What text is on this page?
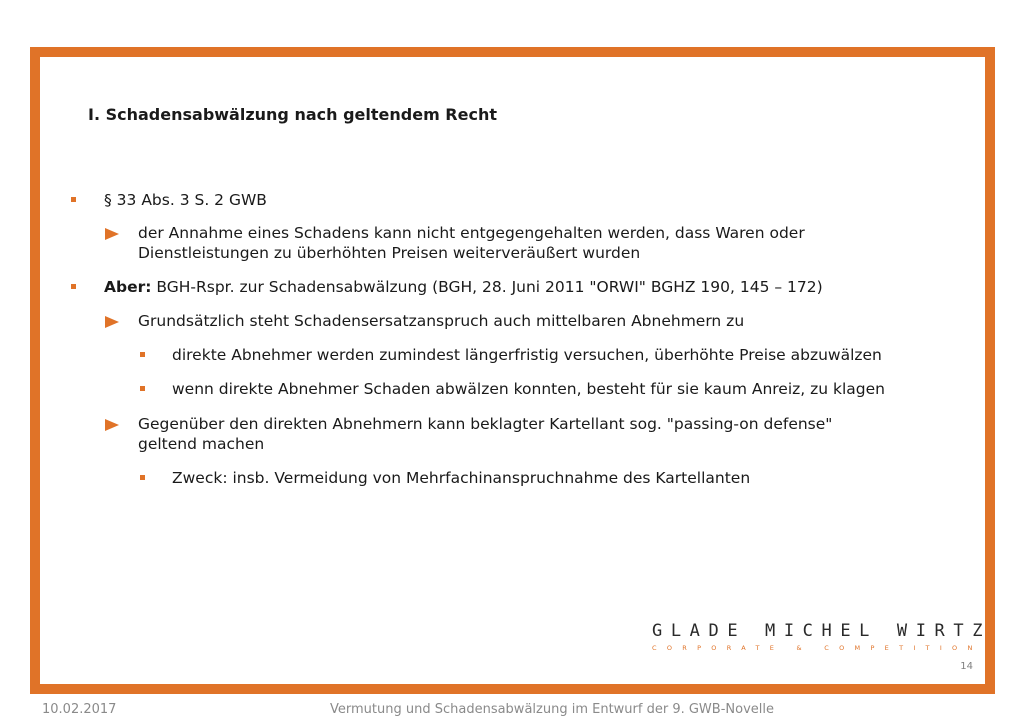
I. Schadensabwälzung nach geltendem Recht
§ 33 Abs. 3 S. 2 GWB
der Annahme eines Schadens kann nicht entgegengehalten werden, dass Waren oder
Dienstleistungen zu überhöhten Preisen weiterveräußert wurden
Aber: BGH-Rspr. zur Schadensabwälzung (BGH, 28. Juni 2011 "ORWI" BGHZ 190, 145 – 172)
Grundsätzlich steht Schadensersatzanspruch auch mittelbaren Abnehmern zu
direkte Abnehmer werden zumindest längerfristig versuchen, überhöhte Preise abzuwälzen
wenn direkte Abnehmer Schaden abwälzen konnten, besteht für sie kaum Anreiz, zu klagen
Gegenüber den direkten Abnehmern kann beklagter Kartellant sog. "passing-on defense"
geltend machen
Zweck: insb. Vermeidung von Mehrfachinanspruchnahme des Kartellanten
GLADE MICHEL WIRTZ
CORPORATE & COMPETITION
14
10.02.2017	Vermutung und Schadensabwälzung im Entwurf der 9. GWB-Novelle
